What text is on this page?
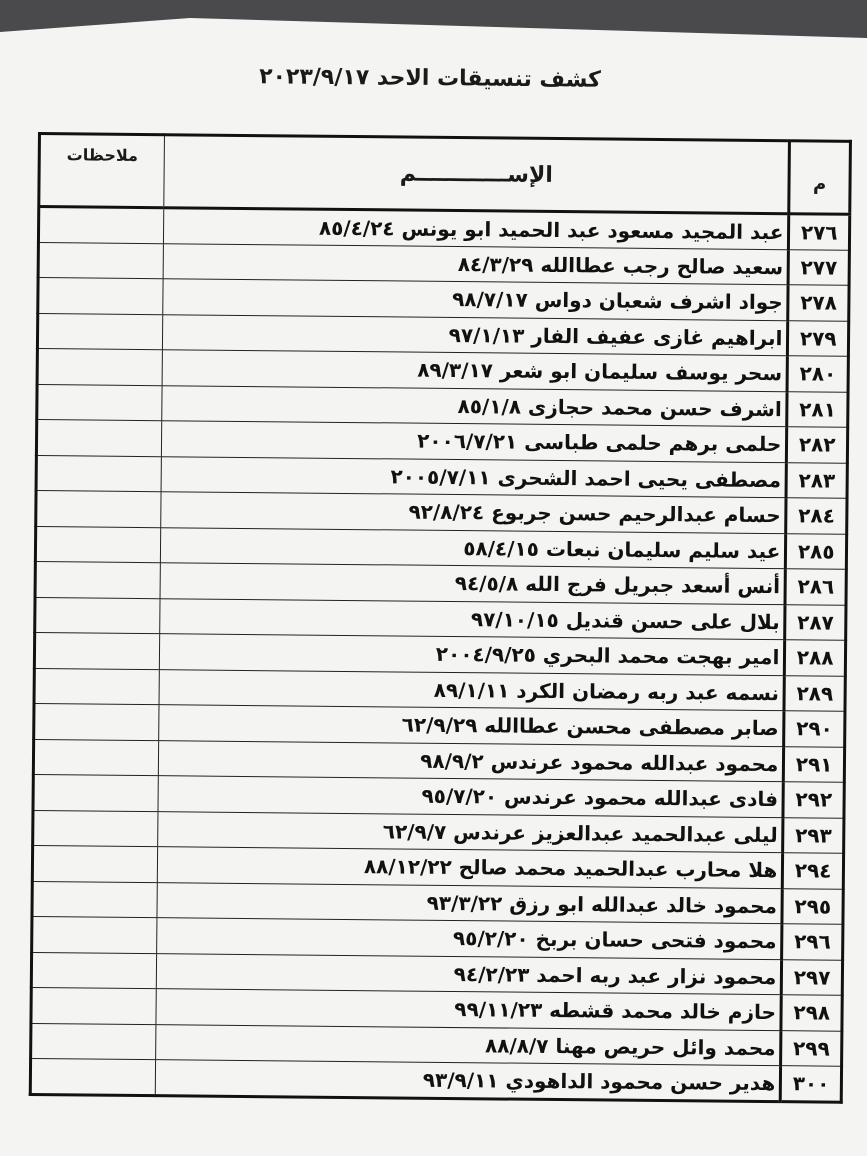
كشف تنسيقات الاحد ٢٠٢٣/٩/١٧
م	الإســــــــــــم	ملاحظات
٢٧٦	عبد المجيد مسعود عبد الحميد ابو يونس ٨٥/٤/٢٤	
٢٧٧	سعيد صالح رجب عطاالله ٨٤/٣/٢٩	
٢٧٨	جواد اشرف شعبان دواس ٩٨/٧/١٧	
٢٧٩	ابراهيم غازى عفيف الفار ٩٧/١/١٣	
٢٨٠	سحر يوسف سليمان ابو شعر ٨٩/٣/١٧	
٢٨١	اشرف حسن محمد حجازى ٨٥/١/٨	
٢٨٢	حلمى برهم حلمى طباسى ٢٠٠٦/٧/٢١	
٢٨٣	مصطفى يحيى احمد الشحرى ٢٠٠٥/٧/١١	
٢٨٤	حسام عبدالرحيم حسن جربوع ٩٢/٨/٢٤	
٢٨٥	عيد سليم سليمان نبعات ٥٨/٤/١٥	
٢٨٦	أنس أسعد جبريل فرج الله ٩٤/٥/٨	
٢٨٧	بلال على حسن قنديل ٩٧/١٠/١٥	
٢٨٨	امير بهجت محمد البحري ٢٠٠٤/٩/٢٥	
٢٨٩	نسمه عبد ربه رمضان الكرد ٨٩/١/١١	
٢٩٠	صابر مصطفى محسن عطاالله ٦٢/٩/٢٩	
٢٩١	محمود عبدالله محمود عرندس ٩٨/٩/٢	
٢٩٢	فادى عبدالله محمود عرندس ٩٥/٧/٢٠	
٢٩٣	ليلى عبدالحميد عبدالعزيز عرندس ٦٢/٩/٧	
٢٩٤	هلا محارب عبدالحميد محمد صالح ٨٨/١٢/٢٢	
٢٩٥	محمود خالد عبدالله ابو رزق ٩٣/٣/٢٢	
٢٩٦	محمود فتحى حسان بربخ ٩٥/٢/٢٠	
٢٩٧	محمود نزار عبد ربه احمد ٩٤/٢/٢٣	
٢٩٨	حازم خالد محمد قشطه ٩٩/١١/٢٣	
٢٩٩	محمد وائل حريص مهنا ٨٨/٨/٧	
٣٠٠	هدير حسن محمود الداهودي ٩٣/٩/١١	
